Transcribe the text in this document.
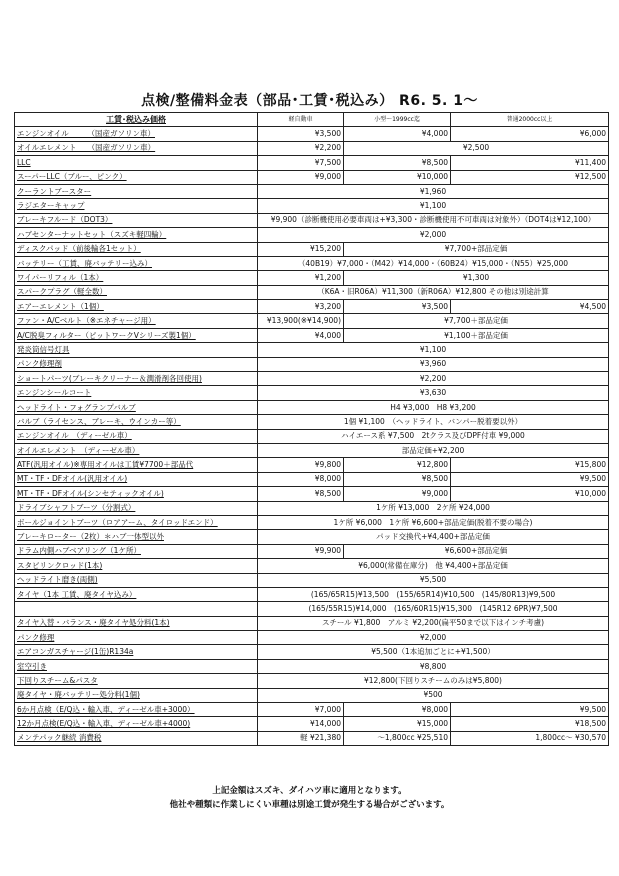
点検/整備料金表（部品･工賃･税込み） R6. 5. 1～
工賃･税込み価格	軽自動車	小型～1999cc迄	普通2000cc以上
エンジンオイル　　　（国産ガソリン車）	¥3,500	¥4,000	¥6,000
オイルエレメント　　（国産ガソリン車）	¥2,200	¥2,500	
LLC	¥7,500	¥8,500	¥11,400
スーパーLLC（ブルー、ピンク）	¥9,000	¥10,000	¥12,500
クーラントブースター	¥1,960		
ラジエターキャップ	¥1,100		
ブレーキフルード（DOT3）	¥9,900（診断機使用必要車両は+¥3,300・診断機使用不可車両は対象外）（DOT4は¥12,100）		
ハブセンターナットセット（スズキ軽四輪）	¥2,000		
ディスクパッド（前後輪各1セット）	¥15,200	¥7,700+部品定価	
バッテリー（工賃、廃バッテリー込み）	（40B19）¥7,000・（M42）¥14,000・（60B24）¥15,000・（N55）¥25,000		
ワイパーリフィル（1本）	¥1,200	¥1,300	
スパークプラグ（軽全数）	（K6A・旧R06A）¥11,300（新R06A）¥12,800 その他は別途計算		
エアーエレメント（1個）	¥3,200	¥3,500	¥4,500
ファン・A/Cベルト（※エネチャージ用）	¥13,900(※¥14,900)	¥7,700＋部品定価	
A/C脱臭フィルター（ピットワークVシリーズ製1個）	¥4,000	¥1,100＋部品定価	
発炎筒信号灯具	¥1,100		
パンク修理剤	¥3,960		
ショートパーツ(ブレーキクリーナー＆潤滑剤各回使用)	¥2,200		
エンジンシールコート	¥3,630		
ヘッドライト・フォグランプバルブ	H4 ¥3,000　H8 ¥3,200		
バルブ（ライセンス、ブレーキ、ウインカー等）	1個 ¥1,100　（ヘッドライト、バンパー脱着要以外）		
エンジンオイル　（ディーゼル車）	ハイエース系 ¥7,500　2tクラス及びDPF付車 ¥9,000		
オイルエレメント　（ディーゼル車）	部品定価+¥2,200		
ATF(汎用オイル)※専用オイルは工賃¥7700＋部品代	¥9,800	¥12,800	¥15,800
MT・TF・DFオイル(汎用オイル)	¥8,000	¥8,500	¥9,500
MT・TF・DFオイル(シンセティックオイル)	¥8,500	¥9,000	¥10,000
ドライブシャフトブーツ（分割式）	1ケ所 ¥13,000　2ケ所 ¥24,000		
ボールジョイントブーツ（ロアアーム、タイロッドエンド）	1ケ所 ¥6,000　1ケ所 ¥6,600+部品定価(脱着不要の場合)		
ブレーキローター（2枚）＊ハブ一体型以外	パッド交換代+¥4,400+部品定価		
ドラム内側ハブベアリング（1ケ所）	¥9,900	¥6,600+部品定価	
スタビリンクロッド(1本)	¥6,000(常備在庫分)　他 ¥4,400+部品定価		
ヘッドライト磨き(両側)	¥5,500		
タイヤ（1本 工賃、廃タイヤ込み）	(165/65R15)¥13,500　(155/65R14)¥10,500　(145/80R13)¥9,500		
	(165/55R15)¥14,000　(165/60R15)¥15,300　(145R12 6PR)¥7,500		
タイヤ入替・バランス・廃タイヤ処分料(1本)	スチール ¥1,800　アルミ ¥2,200(扁平50まで以下はインチ考慮)		
パンク修理	¥2,000		
エアコンガスチャージ(1缶)R134a	¥5,500（1本追加ごとに+¥1,500）		
室空引き	¥8,800		
下回りスチーム&パスタ	¥12,800(下回りスチームのみは¥5,800)		
廃タイヤ・廃バッテリー処分料(1個)	¥500		
6か月点検（E/Q込・輸入車、ディーゼル車+3000）	¥7,000	¥8,000	¥9,500
12か月点検(E/Q込・輸入車、ディーゼル車+4000)	¥14,000	¥15,000	¥18,500
メンテパック継続 消費税	軽 ¥21,380	～1,800cc ¥25,510	1,800cc～ ¥30,570
上記金額はスズキ、ダイハツ車に適用となります。
他社や種類に作業しにくい車種は別途工賃が発生する場合がございます。
